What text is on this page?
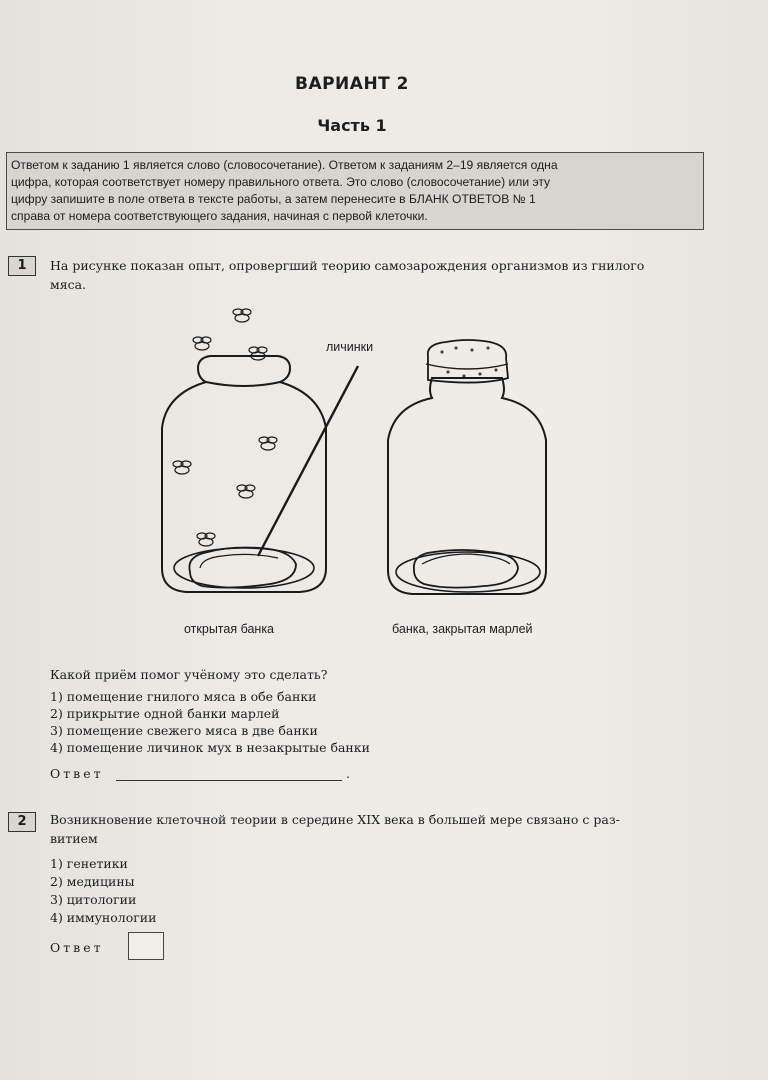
ВАРИАНТ 2
Часть 1
Ответом к заданию 1 является слово (словосочетание). Ответом к заданиям 2–19 является одна
цифра, которая соответствует номеру правильного ответа. Это слово (словосочетание) или эту
цифру запишите в поле ответа в тексте работы, а затем перенесите в БЛАНК ОТВЕТОВ № 1
справа от номера соответствующего задания, начиная с первой клеточки.
1	На рисунке показан опыт, опровергший теорию самозарождения организмов из гнилого
мяса.
личинки
открытая банка	банка, закрытая марлей
Какой приём помог учёному это сделать?
1) помещение гнилого мяса в обе банки
2) прикрытие одной банки марлей
3) помещение свежего мяса в две банки
4) помещение личинок мух в незакрытые банки
Ответ	.
2	Возникновение клеточной теории в середине XIX века в большей мере связано с раз-
витием
1) генетики
2) медицины
3) цитологии
4) иммунологии
Ответ
